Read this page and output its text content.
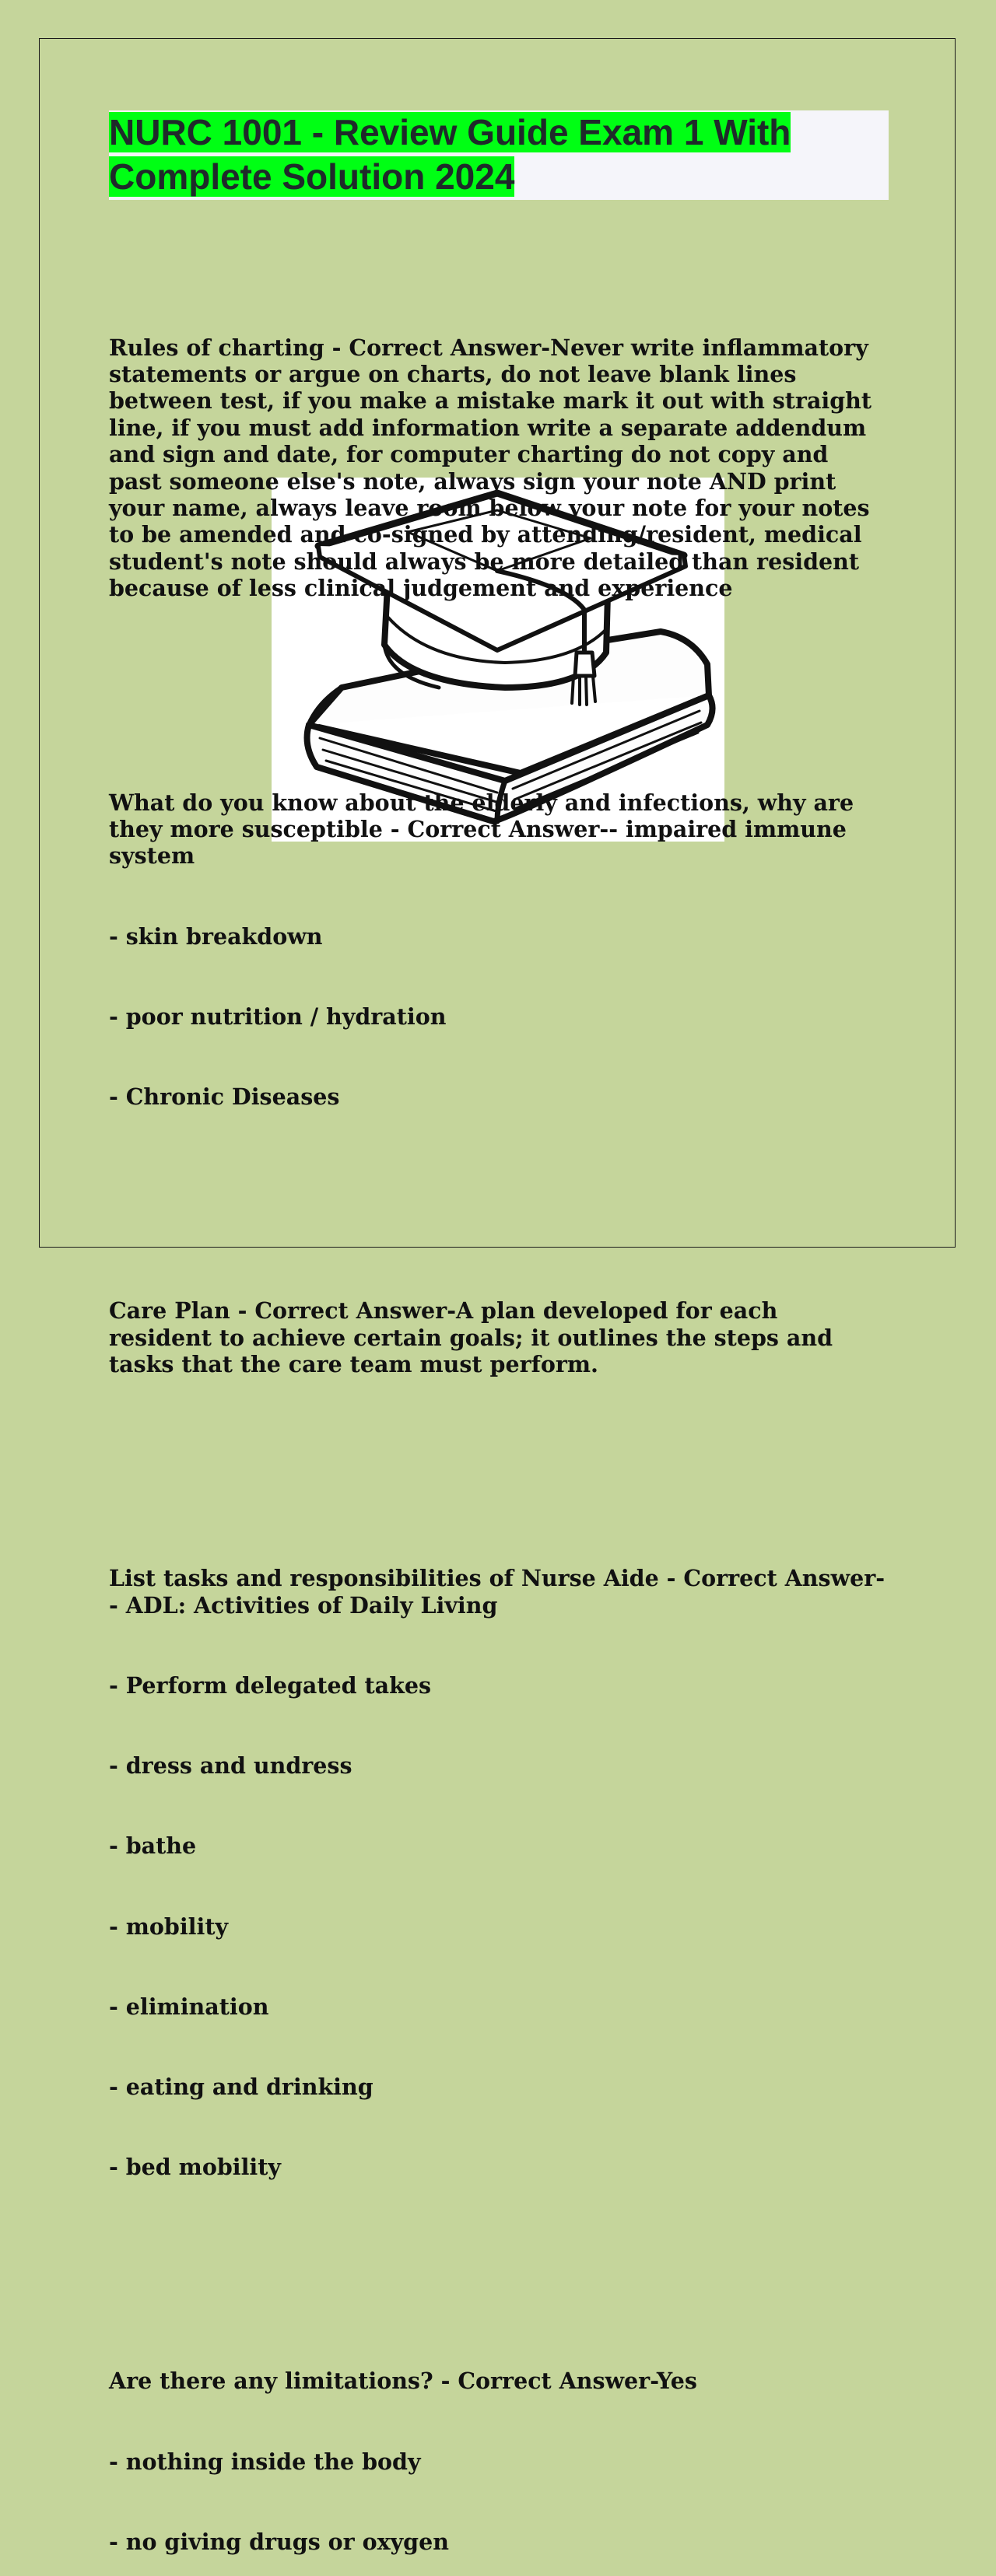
NURC 1001 - Review Guide Exam 1 With
Complete Solution 2024

Rules of charting - Correct Answer-Never write inflammatory statements or argue on charts, do not leave blank lines between test, if you make a mistake mark it out with straight line, if you must add information write a separate addendum and sign and date, for computer charting do not copy and past someone else's note, always sign your note AND print your name, always leave room below your note for your notes to be amended and co-signed by attending/resident, medical student's note should always be more detailed than resident because of less clinical judgement and experience

What do you know about the elderly and infections, why are they more susceptible - Correct Answer-- impaired immune system

- skin breakdown

- poor nutrition / hydration

- Chronic Diseases

Care Plan - Correct Answer-A plan developed for each resident to achieve certain goals; it outlines the steps and tasks that the care team must perform.

List tasks and responsibilities of Nurse Aide - Correct Answer-- ADL: Activities of Daily Living

- Perform delegated takes

- dress and undress

- bathe

- mobility

- elimination

- eating and drinking

- bed mobility

Are there any limitations? - Correct Answer-Yes

- nothing inside the body

- no giving drugs or oxygen
